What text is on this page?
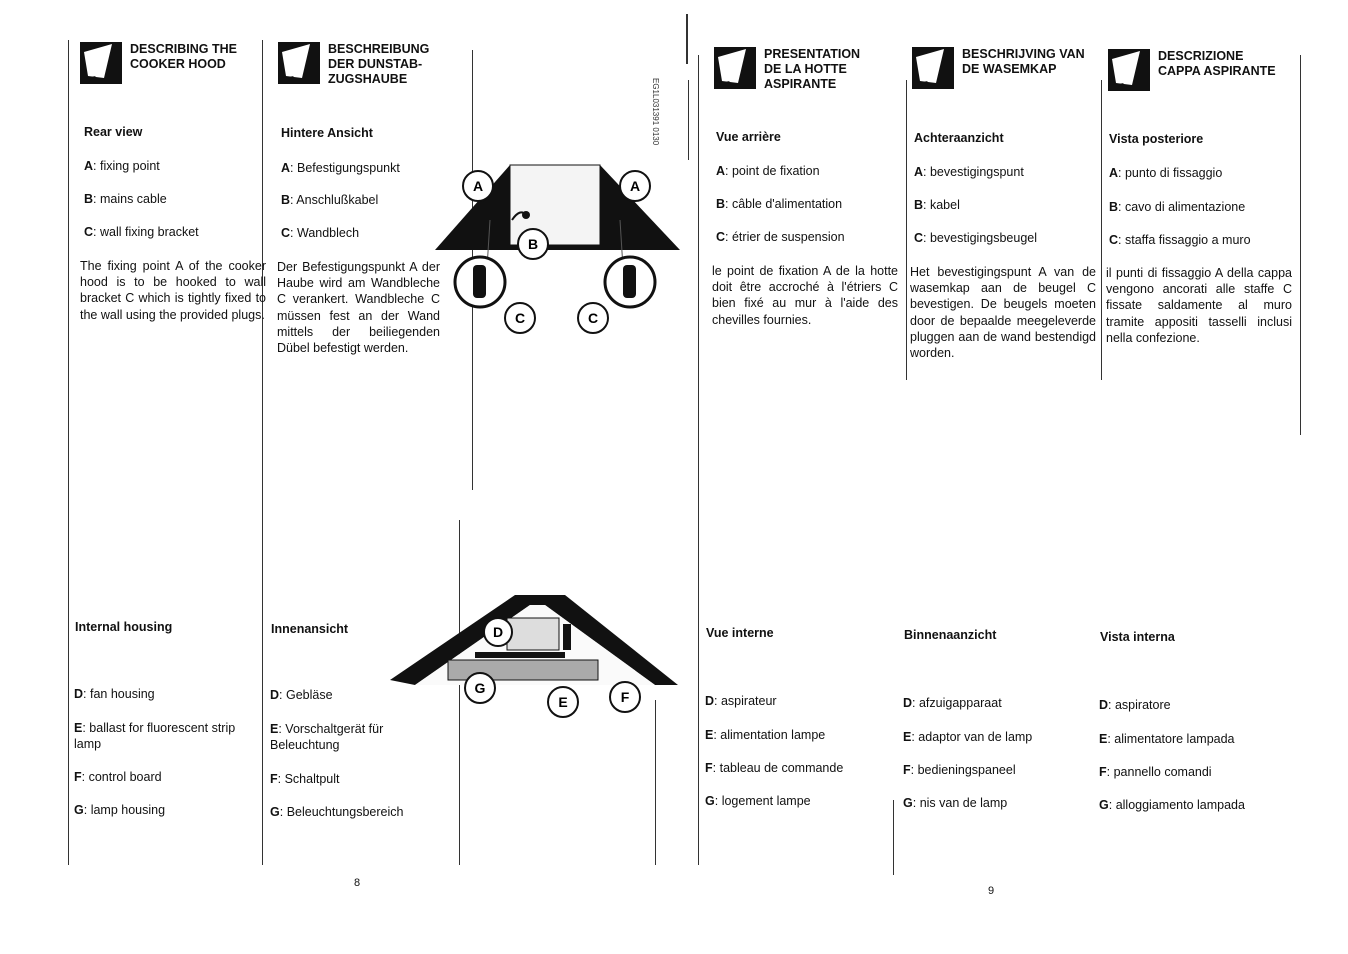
EG1L031391 0130
DESCRIBING THE
COOKER HOOD
Rear view
A: fixing point
B: mains cable
C: wall fixing bracket
The fixing point A of the cooker hood is to be hooked to wall bracket C which is tightly fixed to the wall using the provided plugs.
Internal housing
D: fan housing
E: ballast for fluorescent strip lamp
F: control board
G: lamp housing
BESCHREIBUNG
DER DUNSTAB-
ZUGSHAUBE
Hintere Ansicht
A: Befestigungspunkt
B: Anschlußkabel
C: Wandblech
Der Befestigungspunkt A der Haube wird am Wandbleche C verankert. Wandbleche C müssen fest an der Wand mittels der beiliegenden Dübel befestigt werden.
Innenansicht
D: Gebläse
E: Vorschaltgerät für Beleuchtung
F: Schaltpult
G: Beleuchtungsbereich
PRESENTATION
DE LA HOTTE
ASPIRANTE
Vue arrière
A: point de fixation
B: câble d'alimentation
C: étrier de suspension
le point de fixation A de la hotte doit être accroché à l'étriers C bien fixé au mur à l'aide des chevilles fournies.
Vue interne
D: aspirateur
E: alimentation lampe
F: tableau de commande
G: logement lampe
BESCHRIJVING VAN
DE WASEMKAP
Achteraanzicht
A: bevestigingspunt
B: kabel
C: bevestigingsbeugel
Het bevestigingspunt A van de wasemkap aan de beugel C bevestigen. De beugels moeten door de bepaalde meegeleverde pluggen aan de wand bestendigd worden.
Binnenaanzicht
D: afzuigapparaat
E: adaptor van de lamp
F: bedieningspaneel
G: nis van de lamp
DESCRIZIONE
CAPPA ASPIRANTE
Vista posteriore
A: punto di fissaggio
B: cavo di alimentazione
C: staffa fissaggio a muro
il punti di fissaggio A della cappa vengono ancorati alle staffe C fissate saldamente al muro tramite appositi tasselli inclusi nella confezione.
Vista interna
D: aspiratore
E: alimentatore lampada
F: pannello comandi
G: alloggiamento lampada
A	A
B
C	C
D
G
E	F
8
9
